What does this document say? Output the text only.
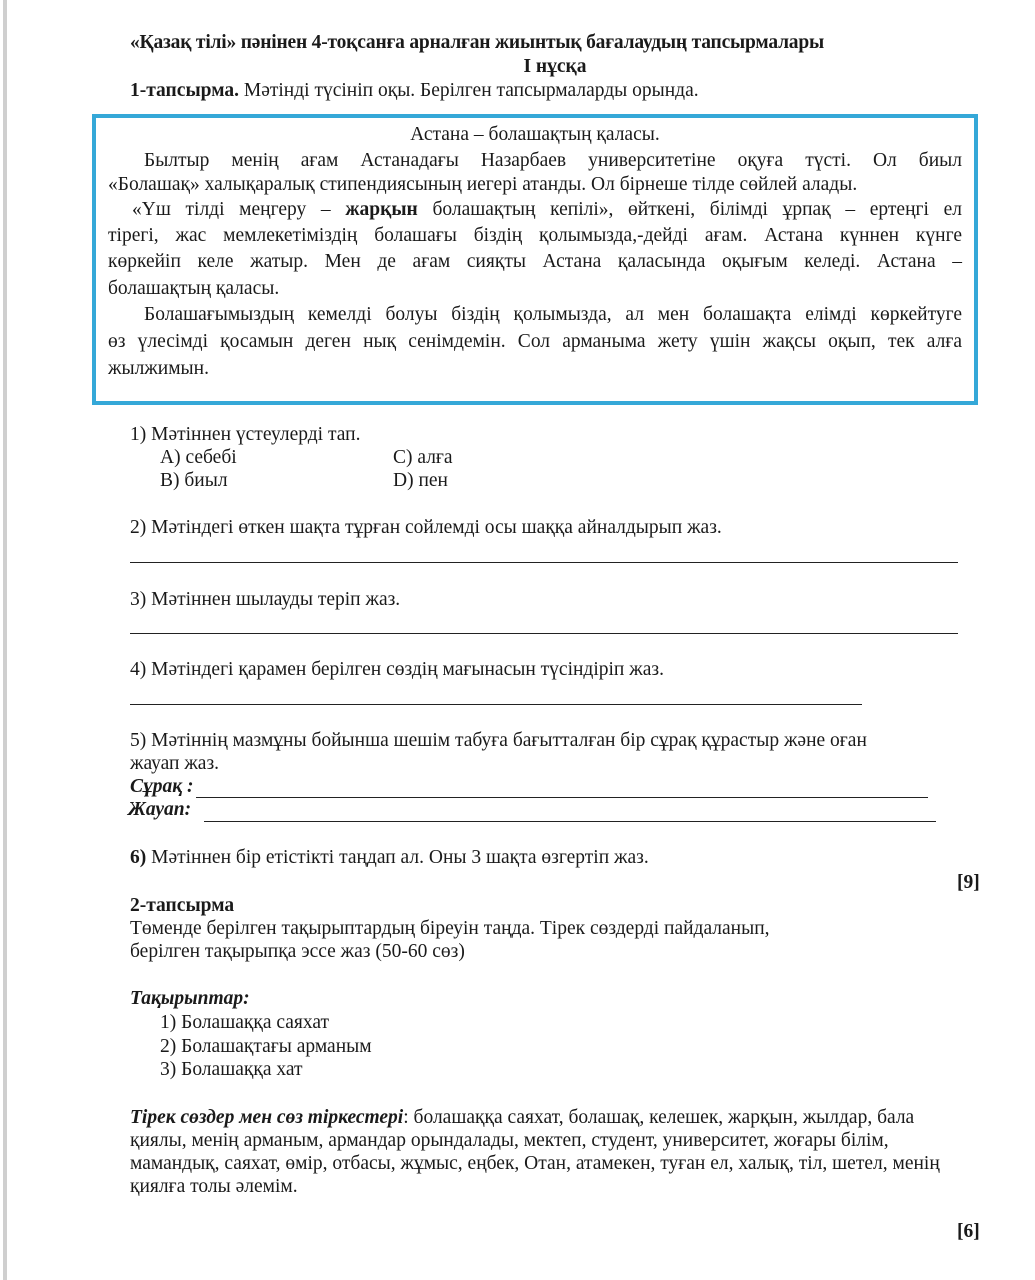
«Қазақ тілі» пәнінен 4-тоқсанға арналған жиынтық бағалаудың тапсырмалары
І нұсқа
1-тапсырма. Мәтінді түсініп оқы. Берілген тапсырмаларды орында.
Астана – болашақтың қаласы.
Былтыр менің ағам Астанадағы Назарбаев университетіне оқуға түсті. Ол биыл
«Болашақ» халықаралық стипендиясының иегері атанды. Ол бірнеше тілде сөйлей алады.
«Үш тілді меңгеру – жарқын болашақтың кепілі», өйткені, білімді ұрпақ – ертеңгі ел
тірегі, жас мемлекетіміздің болашағы біздің қолымызда,-дейді ағам. Астана күннен күнге
көркейіп келе жатыр. Мен де ағам сияқты Астана қаласында оқығым келеді. Астана –
болашақтың қаласы.
Болашағымыздың кемелді болуы біздің қолымызда, ал мен болашақта елімді көркейтуге
өз үлесімді қосамын деген нық сенімдемін. Сол арманыма жету үшін жақсы оқып, тек алға
жылжимын.
1) Мәтіннен үстеулерді тап.
A) себебі	C) алға
B) биыл	D) пен
2) Мәтіндегі өткен шақта тұрған сойлемді осы шаққа айналдырып жаз.
3) Мәтіннен шылауды теріп жаз.
4) Мәтіндегі қарамен берілген сөздің мағынасын түсіндіріп жаз.
5) Мәтіннің мазмұны бойынша шешім табуға бағытталған бір сұрақ құрастыр және оған
жауап жаз.
Сұрақ :
Жауап:
6) Мәтіннен бір етістікті таңдап ал. Оны 3 шақта өзгертіп жаз.
[9]
2-тапсырма
Төменде берілген тақырыптардың біреуін таңда. Тірек сөздерді пайдаланып,
берілген тақырыпқа эссе жаз (50-60 сөз)
Тақырыптар:
1) Болашаққа саяхат
2) Болашақтағы арманым
3) Болашаққа хат
Тірек сөздер мен сөз тіркестері: болашаққа саяхат, болашақ, келешек, жарқын, жылдар, бала
қиялы, менің арманым, армандар орындалады, мектеп, студент, университет, жоғары білім,
мамандық, саяхат, өмір, отбасы, жұмыс, еңбек, Отан, атамекен, туған ел, халық, тіл, шетел, менің
қиялға толы әлемім.
[6]
